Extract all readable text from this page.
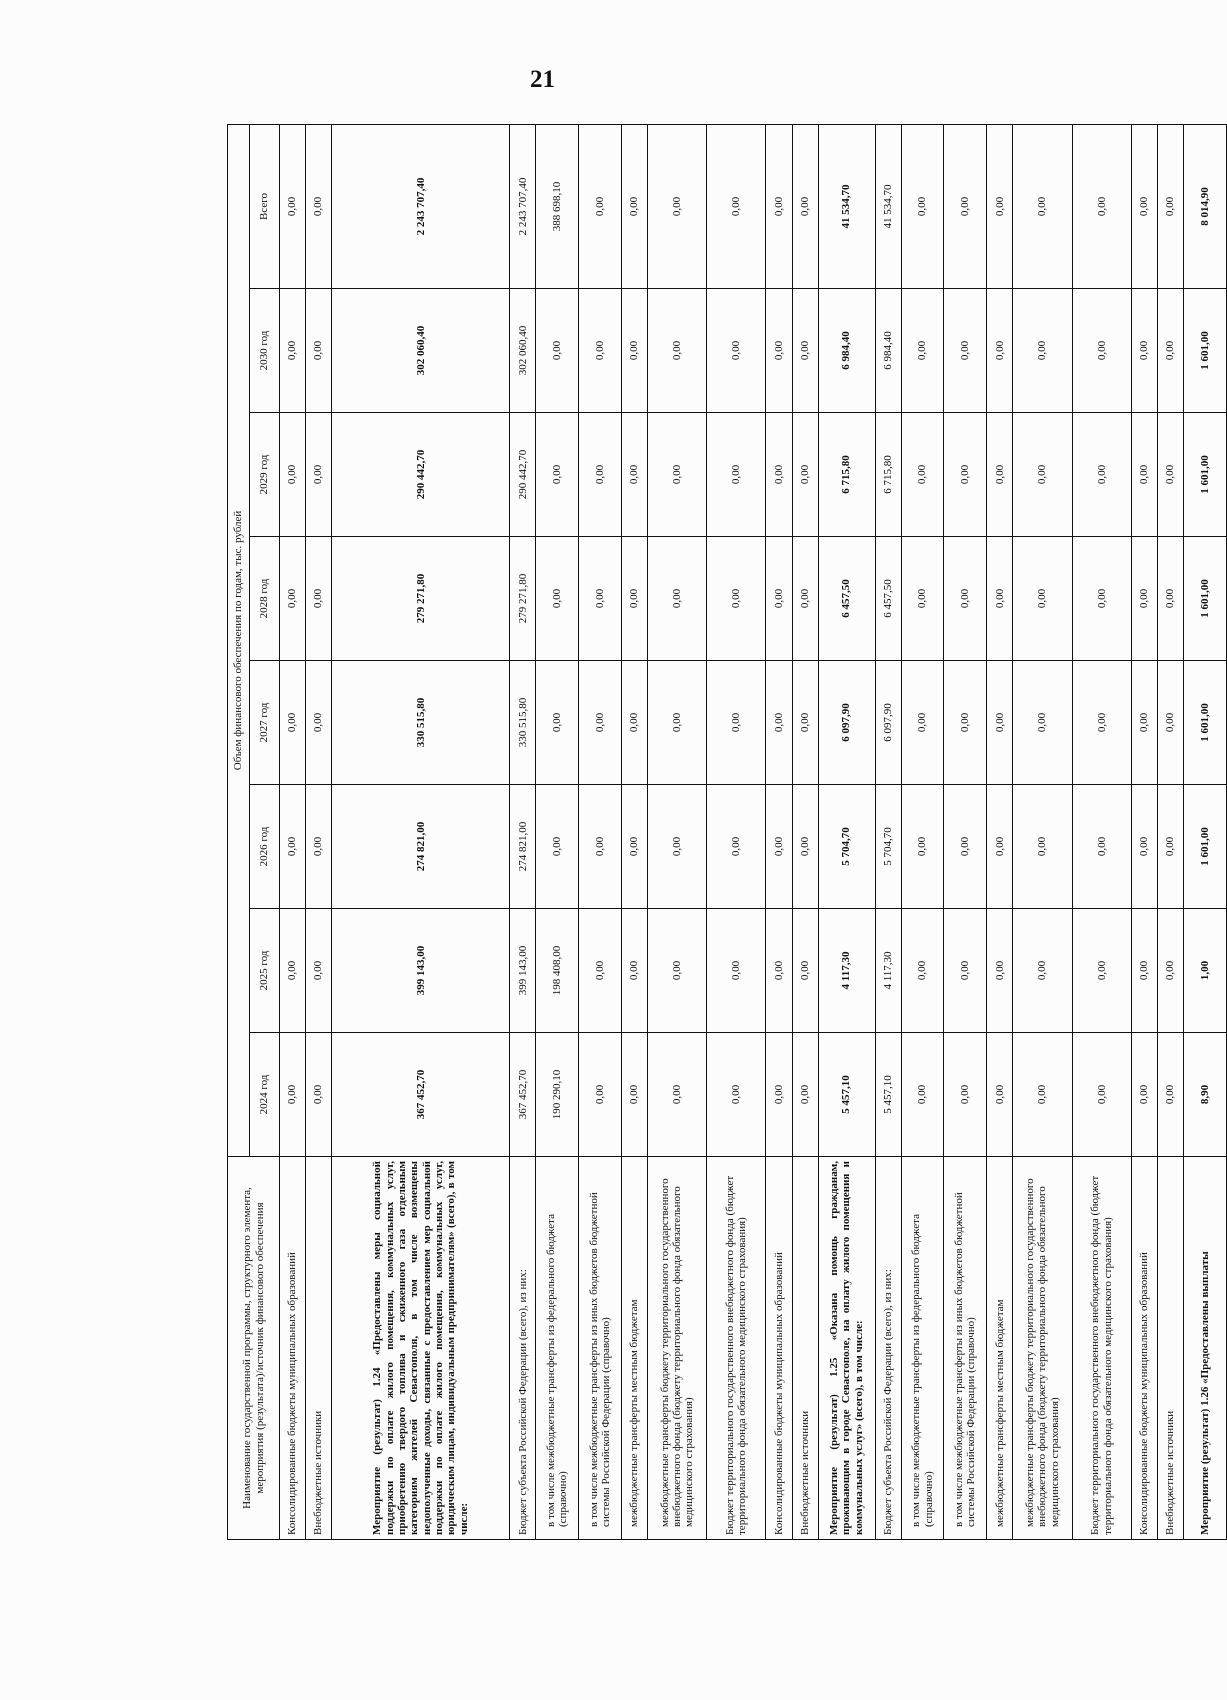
21
Наименование государственной программы, структурного элемента, мероприятия (результата)/источник финансового обеспечения	Объем финансового обеспечения по годам, тыс. рублей							
	2024 год	2025 год	2026 год	2027 год	2028 год	2029 год	2030 год	Всего
Консолидированные бюджеты муниципальных образований	0,00	0,00	0,00	0,00	0,00	0,00	0,00	0,00
Внебюджетные источники	0,00	0,00	0,00	0,00	0,00	0,00	0,00	0,00
Мероприятие (результат) 1.24 «Предоставлены меры социальной поддержки по оплате жилого помещения, коммунальных услуг, приобретению твердого топлива и сжиженного газа отдельным категориям жителей Севастополя, в том числе возмещены недополученные доходы, связанные с предоставлением мер социальной поддержки по оплате жилого помещения, коммунальных услуг, юридическим лицам, индивидуальным предпринимателям» (всего), в том числе:	367 452,70	399 143,00	274 821,00	330 515,80	279 271,80	290 442,70	302 060,40	2 243 707,40
Бюджет субъекта Российской Федерации (всего), из них:	367 452,70	399 143,00	274 821,00	330 515,80	279 271,80	290 442,70	302 060,40	2 243 707,40
в том числе межбюджетные трансферты из федерального бюджета (справочно)	190 290,10	198 408,00	0,00	0,00	0,00	0,00	0,00	388 698,10
в том числе межбюджетные трансферты из иных бюджетов бюджетной системы Российской Федерации (справочно)	0,00	0,00	0,00	0,00	0,00	0,00	0,00	0,00
межбюджетные трансферты местным бюджетам	0,00	0,00	0,00	0,00	0,00	0,00	0,00	0,00
межбюджетные трансферты бюджету территориального государственного внебюджетного фонда (бюджету территориального фонда обязательного медицинского страхования)	0,00	0,00	0,00	0,00	0,00	0,00	0,00	0,00
Бюджет территориального государственного внебюджетного фонда (бюджет территориального фонда обязательного медицинского страхования)	0,00	0,00	0,00	0,00	0,00	0,00	0,00	0,00
Консолидированные бюджеты муниципальных образований	0,00	0,00	0,00	0,00	0,00	0,00	0,00	0,00
Внебюджетные источники	0,00	0,00	0,00	0,00	0,00	0,00	0,00	0,00
Мероприятие (результат) 1.25 «Оказана помощь гражданам, проживающим в городе Севастополе, на оплату жилого помещения и коммунальных услуг» (всего), в том числе:	5 457,10	4 117,30	5 704,70	6 097,90	6 457,50	6 715,80	6 984,40	41 534,70
Бюджет субъекта Российской Федерации (всего), из них:	5 457,10	4 117,30	5 704,70	6 097,90	6 457,50	6 715,80	6 984,40	41 534,70
в том числе межбюджетные трансферты из федерального бюджета (справочно)	0,00	0,00	0,00	0,00	0,00	0,00	0,00	0,00
в том числе межбюджетные трансферты из иных бюджетов бюджетной системы Российской Федерации (справочно)	0,00	0,00	0,00	0,00	0,00	0,00	0,00	0,00
межбюджетные трансферты местным бюджетам	0,00	0,00	0,00	0,00	0,00	0,00	0,00	0,00
межбюджетные трансферты бюджету территориального государственного внебюджетного фонда (бюджету территориального фонда обязательного медицинского страхования)	0,00	0,00	0,00	0,00	0,00	0,00	0,00	0,00
Бюджет территориального государственного внебюджетного фонда (бюджет территориального фонда обязательного медицинского страхования)	0,00	0,00	0,00	0,00	0,00	0,00	0,00	0,00
Консолидированные бюджеты муниципальных образований	0,00	0,00	0,00	0,00	0,00	0,00	0,00	0,00
Внебюджетные источники	0,00	0,00	0,00	0,00	0,00	0,00	0,00	0,00
Мероприятие (результат) 1.26 «Предоставлены выплаты	8,90	1,00	1 601,00	1 601,00	1 601,00	1 601,00	1 601,00	8 014,90
